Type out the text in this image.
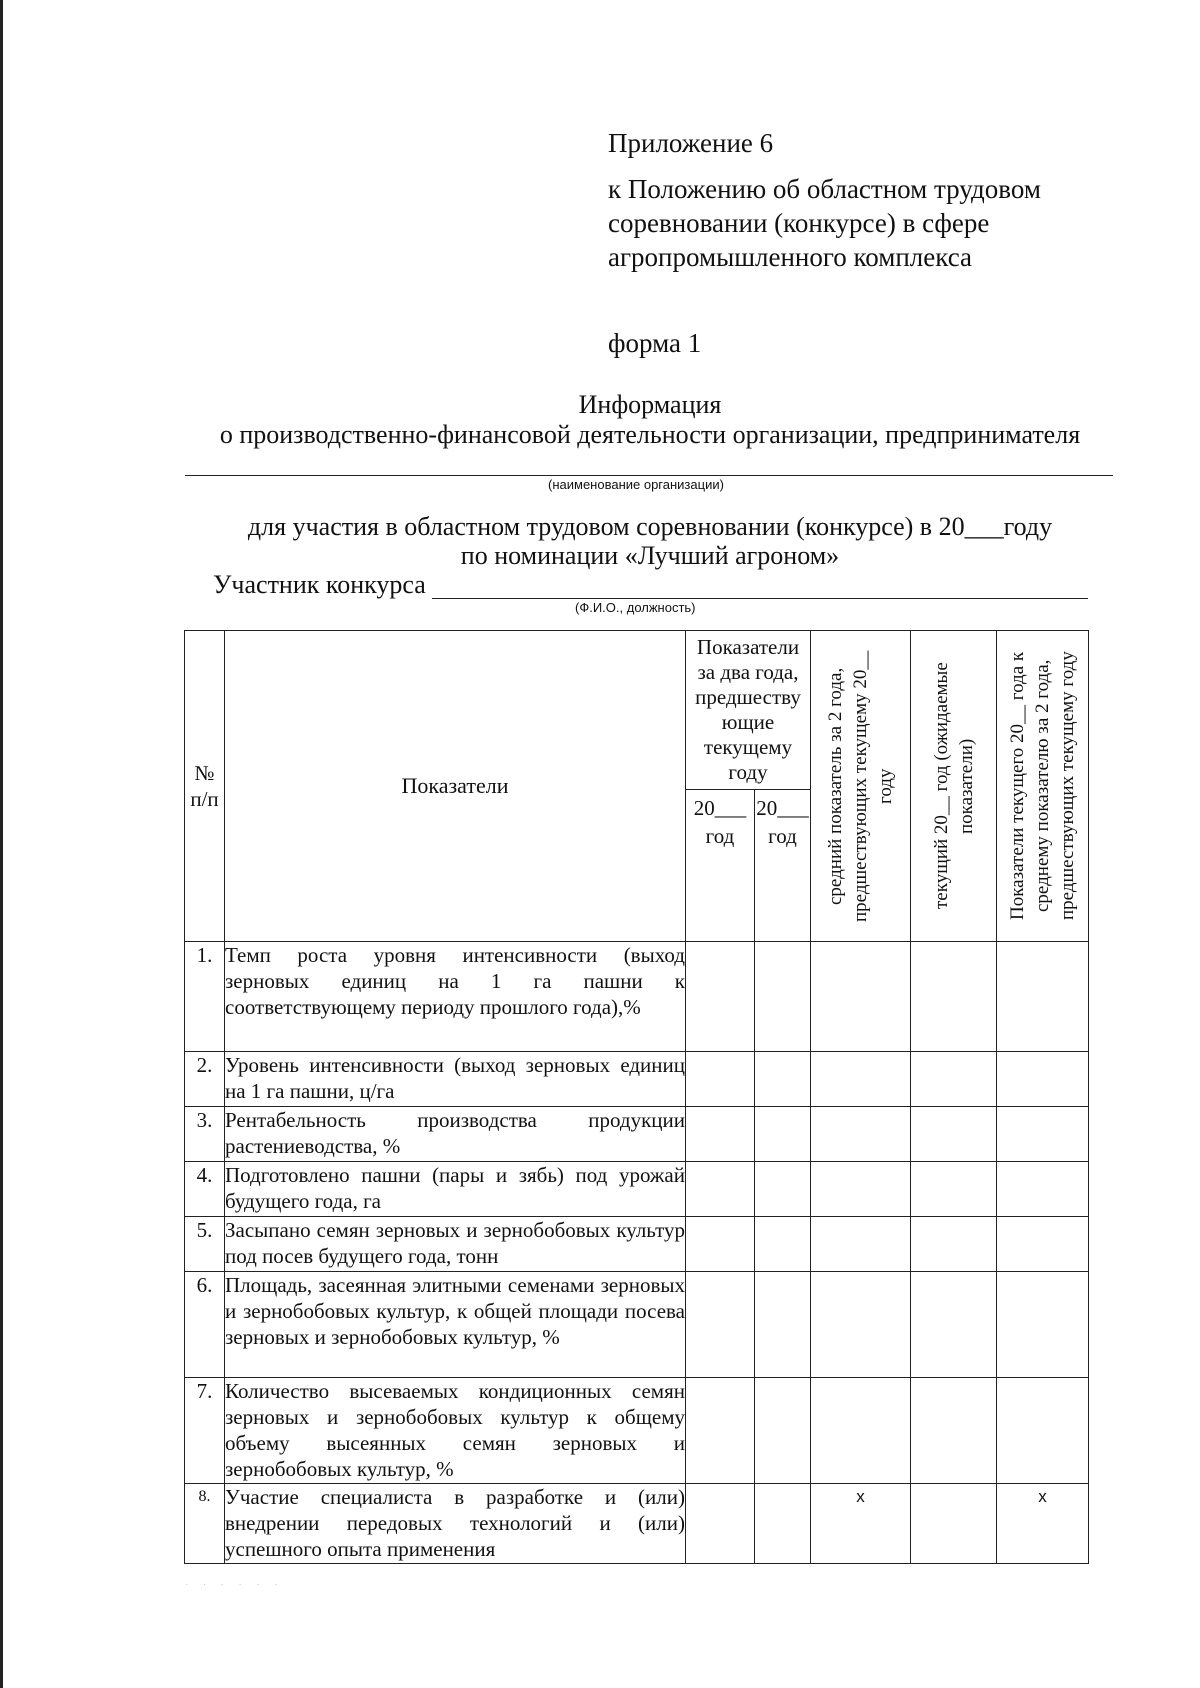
Приложение 6
к Положению об областном трудовом
соревновании (конкурсе) в сфере
агропромышленного комплекса
форма 1
Информация
о производственно-финансовой деятельности организации, предпринимателя
(наименование организации)
для участия в областном трудовом соревновании (конкурсе) в 20___году
по номинации «Лучший агроном»
Участник конкурса
(Ф.И.О., должность)
№ п/п	Показатели	Показатели за два года, предшеству ющие текущему году		средний показатель за 2 года, предшествующих текущему 20__ году	текущий 20__ год (ожидаемые показатели)	Показатели текущего 20__ года к среднему показателю за 2 года, предшествующих текущему году

		20___ год	20___ год			
1.	Темп роста уровня интенсивности (выход зерновых единиц на 1 га пашни к соответствующему периоду прошлого года),%					
2.	Уровень интенсивности (выход зерновых единиц на 1 га пашни, ц/га					
3.	Рентабельность производства продукции растениеводства, %					
4.	Подготовлено пашни (пары и зябь) под урожай будущего года, га					
5.	Засыпано семян зерновых и зернобобовых культур под посев будущего года, тонн					
6.	Площадь, засеянная элитными семенами зерновых и зернобобовых культур, к общей площади посева зерновых и зернобобовых культур, %					
7.	Количество высеваемых кондиционных семян зерновых и зернобобовых культур к общему объему высеянных семян зерновых и зернобобовых культур, %					
8.	Участие специалиста в разработке и (или) внедрении передовых технологий и (или) успешного опыта применения			x		x
· · · · · ·
